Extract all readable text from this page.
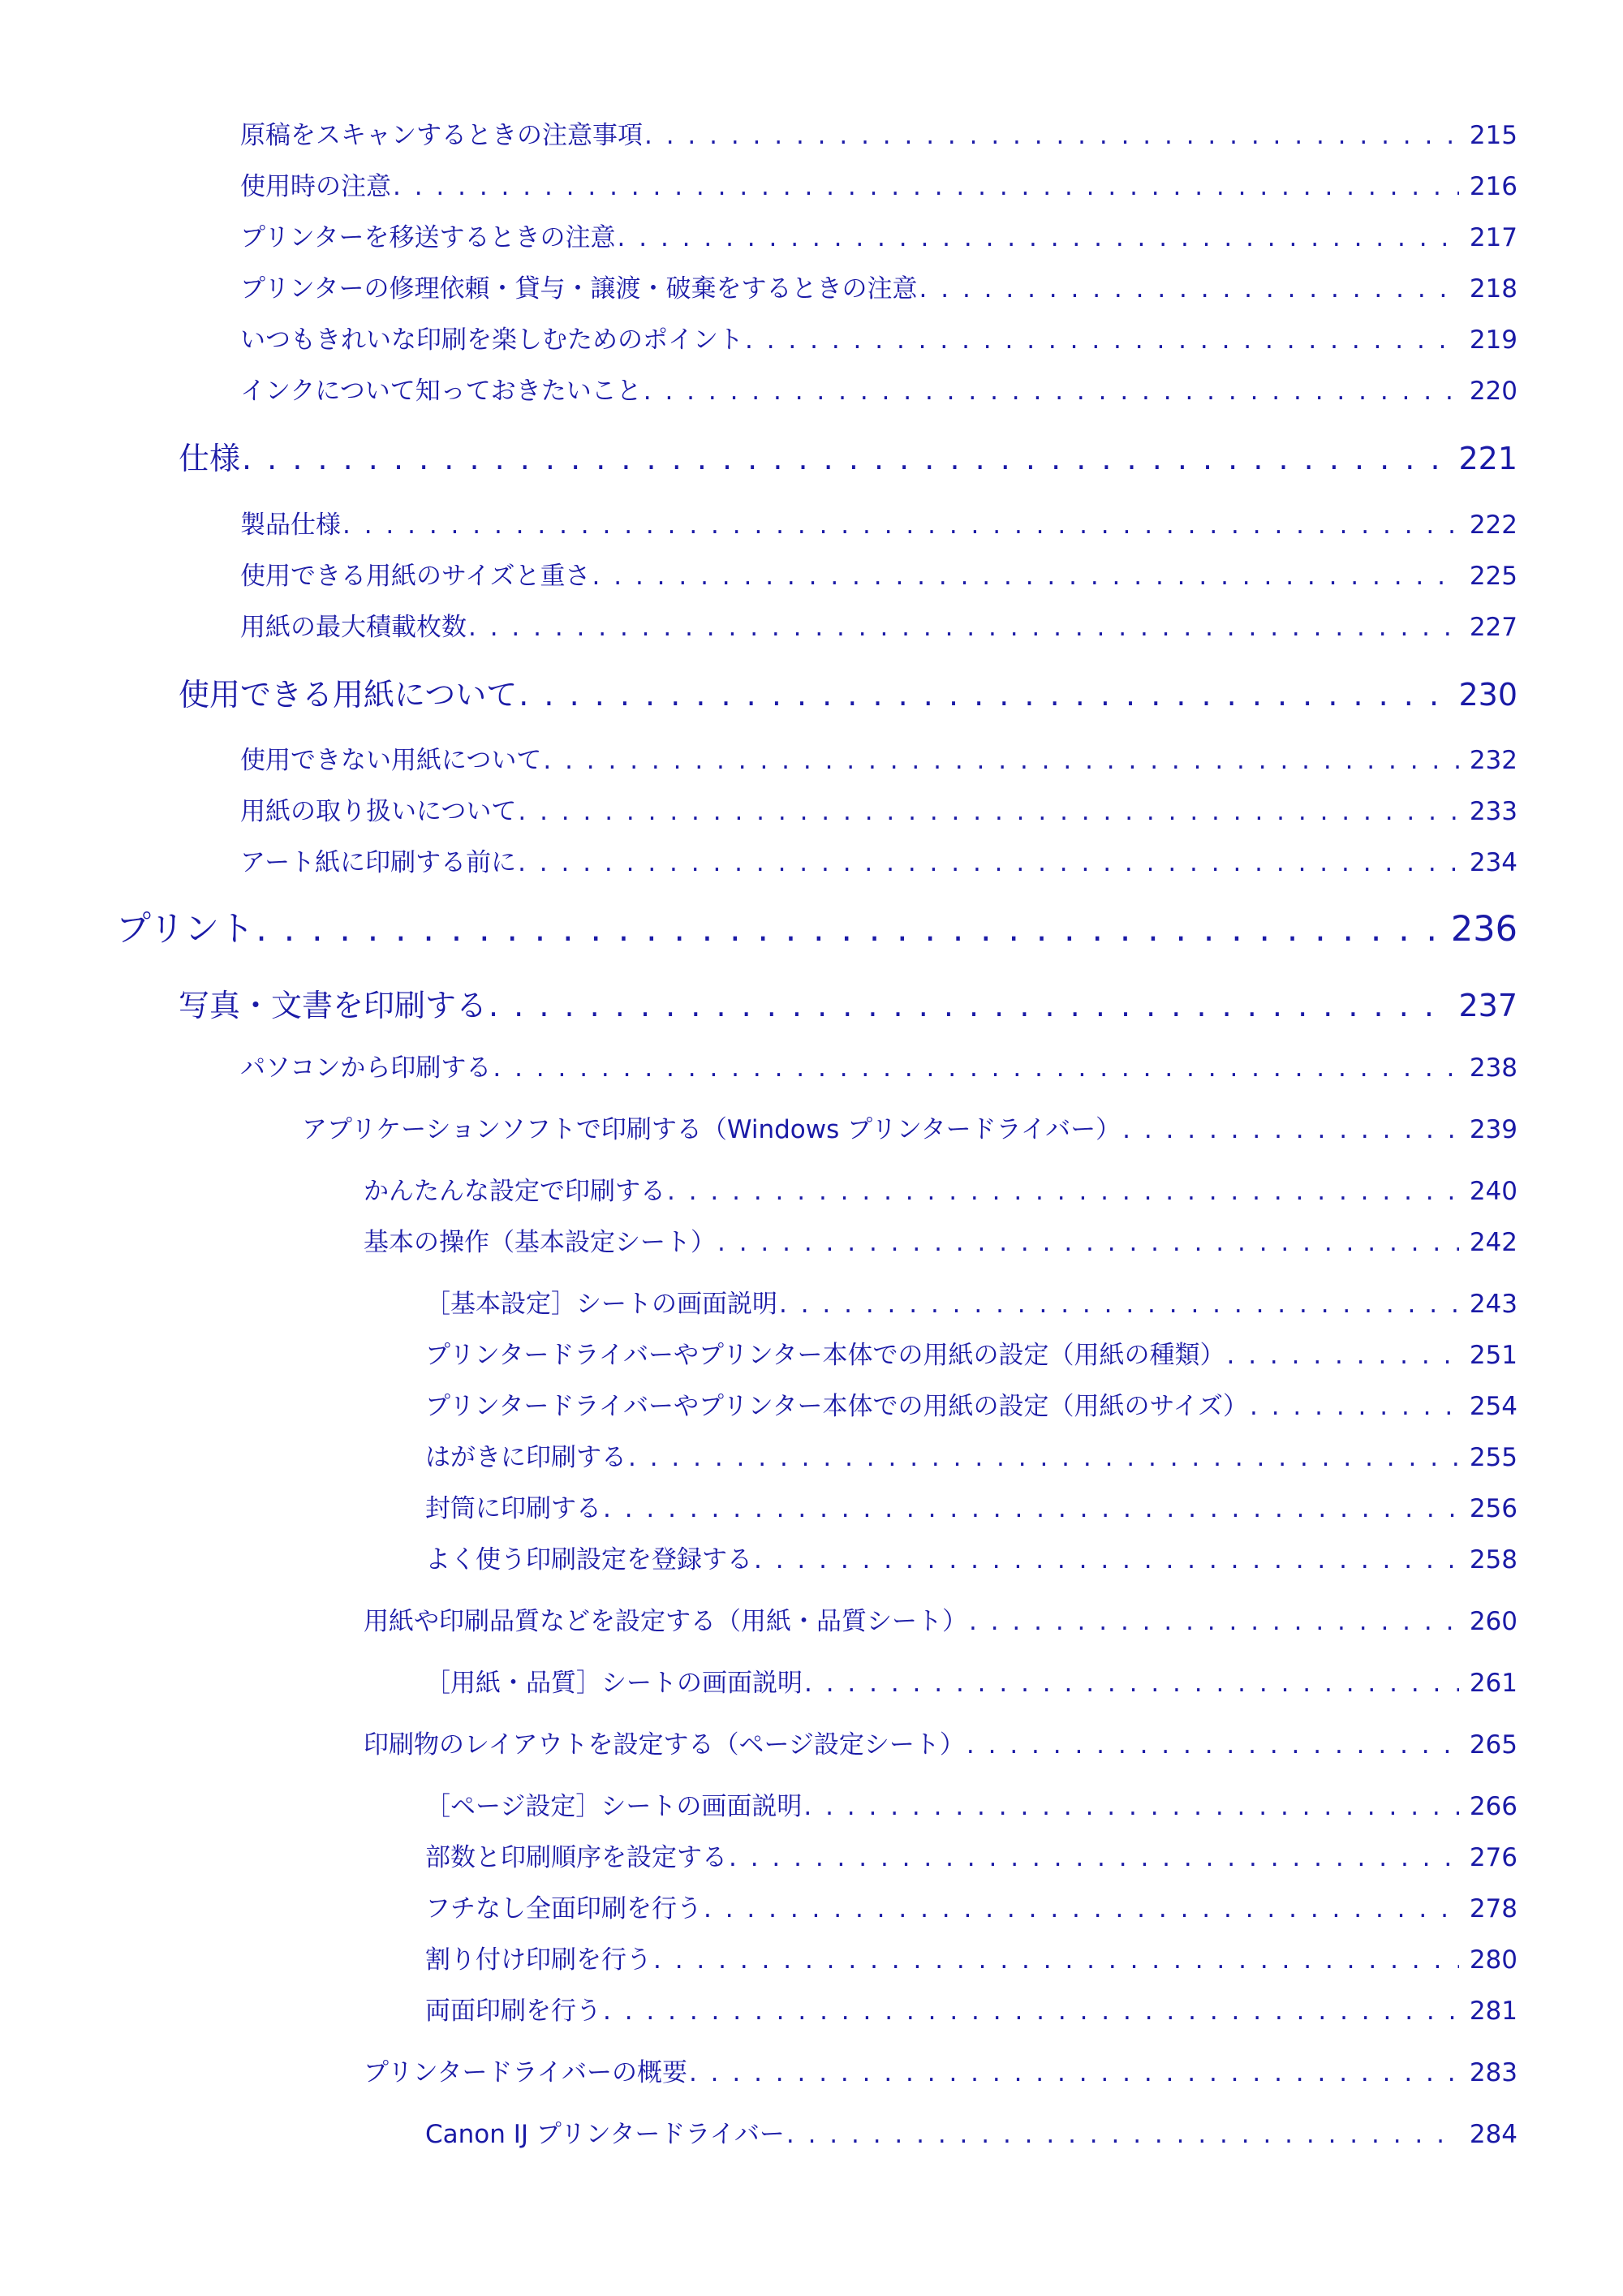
原稿をスキャンするときの注意事項 . . .	215
使用時の注意 . . .	216
プリンターを移送するときの注意 . . .	217
プリンターの修理依頼・貸与・譲渡・破棄をするときの注意 . . .	218
いつもきれいな印刷を楽しむためのポイント . . .	219
インクについて知っておきたいこと . . .	220
仕様 . . .	221
製品仕様 . . .	222
使用できる用紙のサイズと重さ . . .	225
用紙の最大積載枚数 . . .	227
使用できる用紙について . . .	230
使用できない用紙について . . .	232
用紙の取り扱いについて . . .	233
アート紙に印刷する前に . . .	234
プリント . . .	236
写真・文書を印刷する . . .	237
パソコンから印刷する . . .	238
アプリケーションソフトで印刷する（Windows プリンタードライバー） . . .	239
かんたんな設定で印刷する . . .	240
基本の操作（基本設定シート） . . .	242
［基本設定］シートの画面説明 . . .	243
プリンタードライバーやプリンター本体での用紙の設定（用紙の種類） . . .	251
プリンタードライバーやプリンター本体での用紙の設定（用紙のサイズ） . . .	254
はがきに印刷する . . .	255
封筒に印刷する . . .	256
よく使う印刷設定を登録する . . .	258
用紙や印刷品質などを設定する（用紙・品質シート） . . .	260
［用紙・品質］シートの画面説明 . . .	261
印刷物のレイアウトを設定する（ページ設定シート） . . .	265
［ページ設定］シートの画面説明 . . .	266
部数と印刷順序を設定する . . .	276
フチなし全面印刷を行う . . .	278
割り付け印刷を行う . . .	280
両面印刷を行う . . .	281
プリンタードライバーの概要 . . .	283
Canon IJ プリンタードライバー . . .	284
